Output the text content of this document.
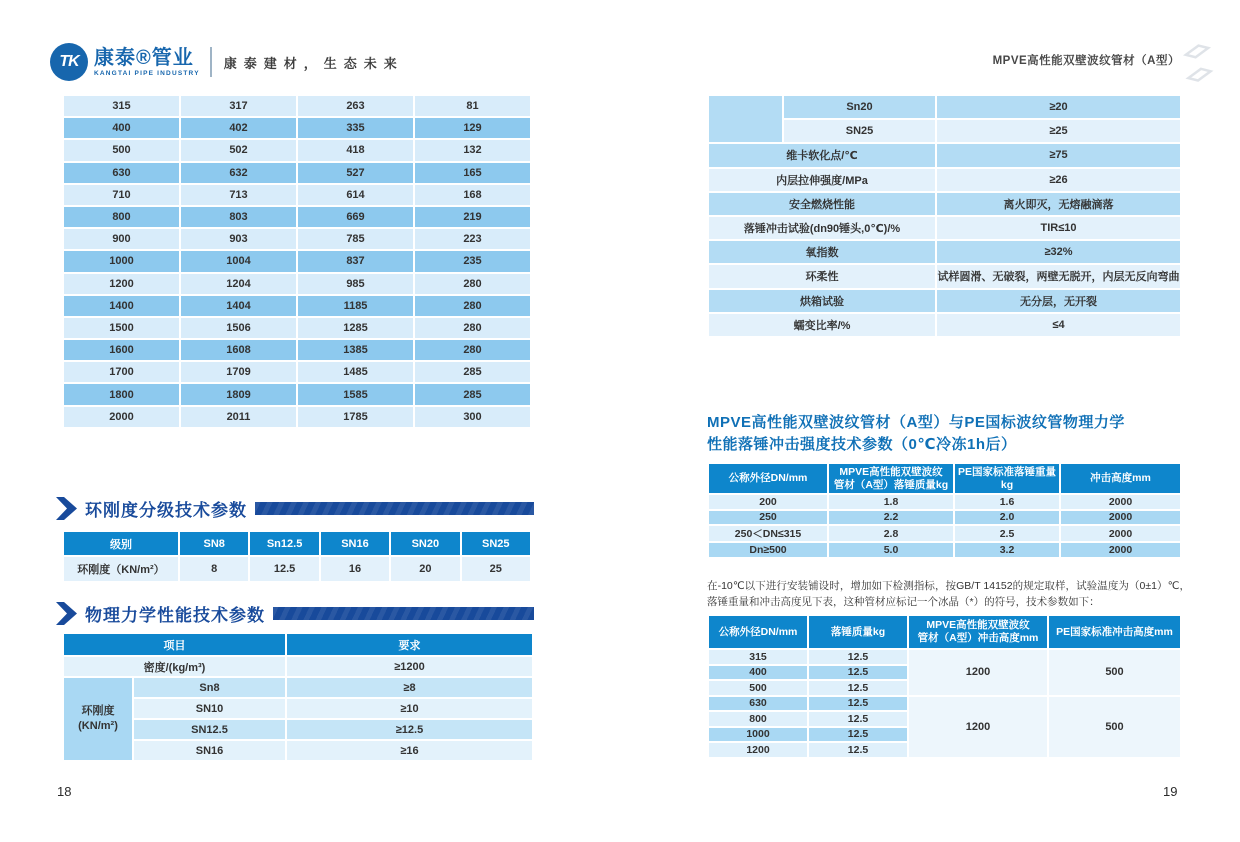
TK 康泰®管业
KANGTAI PIPE INDUSTRY
康泰建材，生态未来	MPVE高性能双壁波纹管材（A型）
315	317	263	81
400	402	335	129
500	502	418	132
630	632	527	165
710	713	614	168
800	803	669	219
900	903	785	223
1000	1004	837	235
1200	1204	985	280
1400	1404	1185	280
1500	1506	1285	280
1600	1608	1385	280
1700	1709	1485	285
1800	1809	1585	285
2000	2011	1785	300
环刚度分级技术参数
级别	SN8	Sn12.5	SN16	SN20	SN25
环刚度（KN/m²）	8	12.5	16	20	25
物理力学性能技术参数
项目		要求
密度/(kg/m³)		≥1200

环刚度
(KN/m²)	Sn8	≥8
	SN10	≥10
	SN12.5	≥12.5
	SN16	≥16
18
	Sn20	≥20
	SN25	≥25
维卡软化点/℃		≥75
内层拉伸强度/MPa		≥26
安全燃烧性能		离火即灭，无熔融滴落
落锤冲击试验(dn90锤头,0℃)/%		TIR≤10
氧指数		≥32%
环柔性		试样圆滑、无破裂，两壁无脱开，内层无反向弯曲
烘箱试验		无分层，无开裂
蠕变比率/%		≤4
MPVE高性能双壁波纹管材（A型）与PE国标波纹管物理力学
性能落锤冲击强度技术参数（0℃冷冻1h后）
公称外径DN/mm	MPVE高性能双壁波纹
管材（A型）落锤质量kg	PE国家标准落锤重量kg	冲击高度mm
200	1.8	1.6	2000
250	2.2	2.0	2000
250＜DN≤315	2.8	2.5	2000
Dn≥500	5.0	3.2	2000
在-10℃以下进行安装铺设时，增加如下检测指标，按GB/T 14152的规定取样，试验温度为（0±1）℃，落锤重量和冲击高度见下表，这种管材应标记一个冰晶（*）的符号，技术参数如下：
公称外径DN/mm	落锤质量kg	MPVE高性能双壁波纹
管材（A型）冲击高度mm	PE国家标准冲击高度mm
315	12.5	1200	500
400	12.5		
500	12.5		
630	12.5	1200	500
800	12.5		
1000	12.5		
1200	12.5		
19
